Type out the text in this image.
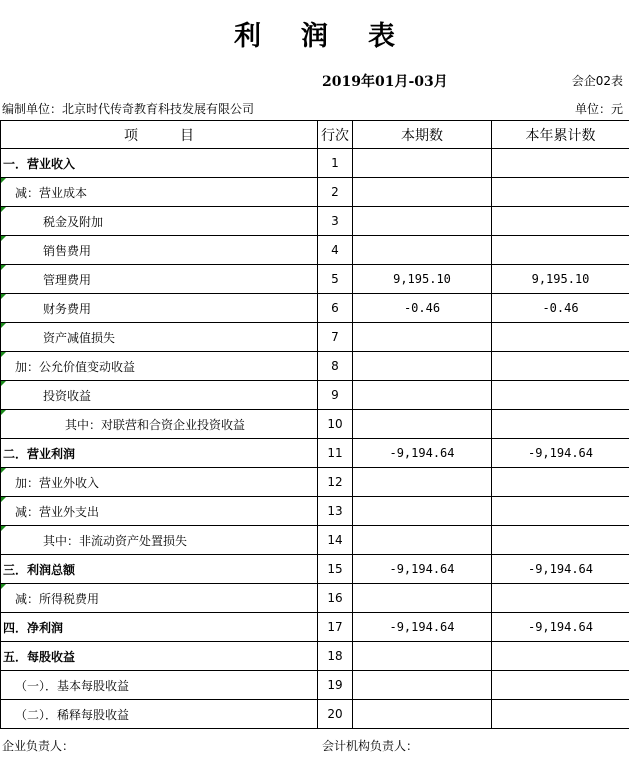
利润表
2019年01月-03月	会企02表
编制单位：北京时代传奇教育科技发展有限公司	单位：元
项　　　目	行次	本期数	本年累计数
一．营业收入	1		

减：营业成本	2		

税金及附加	3		

销售费用	4		

管理费用	5	9,195.10	9,195.10

财务费用	6	-0.46	-0.46

资产减值损失	7		

加：公允价值变动收益	8		

投资收益	9		

其中：对联营和合资企业投资收益	10		
二．营业利润	11	-9,194.64	-9,194.64

加：营业外收入	12		

减：营业外支出	13		

其中：非流动资产处置损失	14		
三．利润总额	15	-9,194.64	-9,194.64

减：所得税费用	16		
四．净利润	17	-9,194.64	-9,194.64
五．每股收益	18		
（一）．基本每股收益	19		
（二）．稀释每股收益	20		
企业负责人：	会计机构负责人：
